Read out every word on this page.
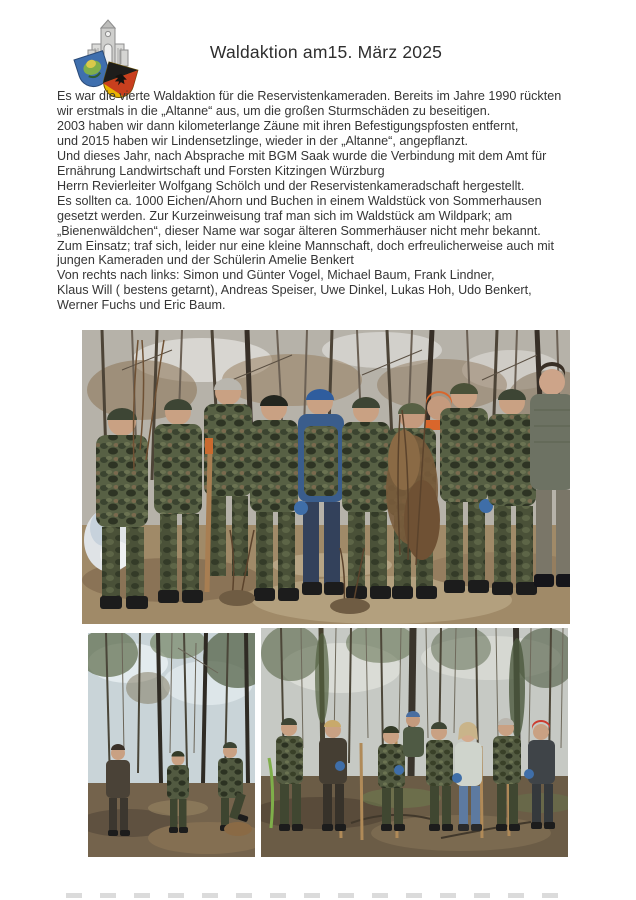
Waldaktion am15. März 2025
Es war die vierte Waldaktion für die Reservistenkameraden. Bereits im Jahre 1990 rückten
wir erstmals in die „Altanne“ aus, um die großen Sturmschäden zu beseitigen.
2003 haben wir dann kilometerlange Zäune mit ihren Befestigungspfosten entfernt,
und 2015 haben wir Lindensetzlinge, wieder in der „Altanne“, angepflanzt.
Und dieses Jahr, nach Absprache mit BGM Saak wurde die Verbindung mit dem Amt für
Ernährung Landwirtschaft und Forsten Kitzingen Würzburg
Herrn Revierleiter Wolfgang Schölch und der Reservistenkameradschaft hergestellt.
Es sollten ca. 1000 Eichen/Ahorn und Buchen in einem Waldstück von Sommerhausen
gesetzt werden. Zur Kurzeinweisung traf man sich im Waldstück am Wildpark; am
„Bienenwäldchen“, dieser Name war sogar älteren Sommerhäuser nicht mehr bekannt.
Zum Einsatz; traf sich, leider nur eine kleine Mannschaft, doch erfreulicherweise auch mit
jungen Kameraden und der Schülerin Amelie Benkert
Von rechts nach links: Simon und Günter Vogel, Michael Baum, Frank Lindner,
Klaus Will ( bestens getarnt), Andreas Speiser, Uwe Dinkel, Lukas Hoh, Udo Benkert,
Werner Fuchs und Eric Baum.
